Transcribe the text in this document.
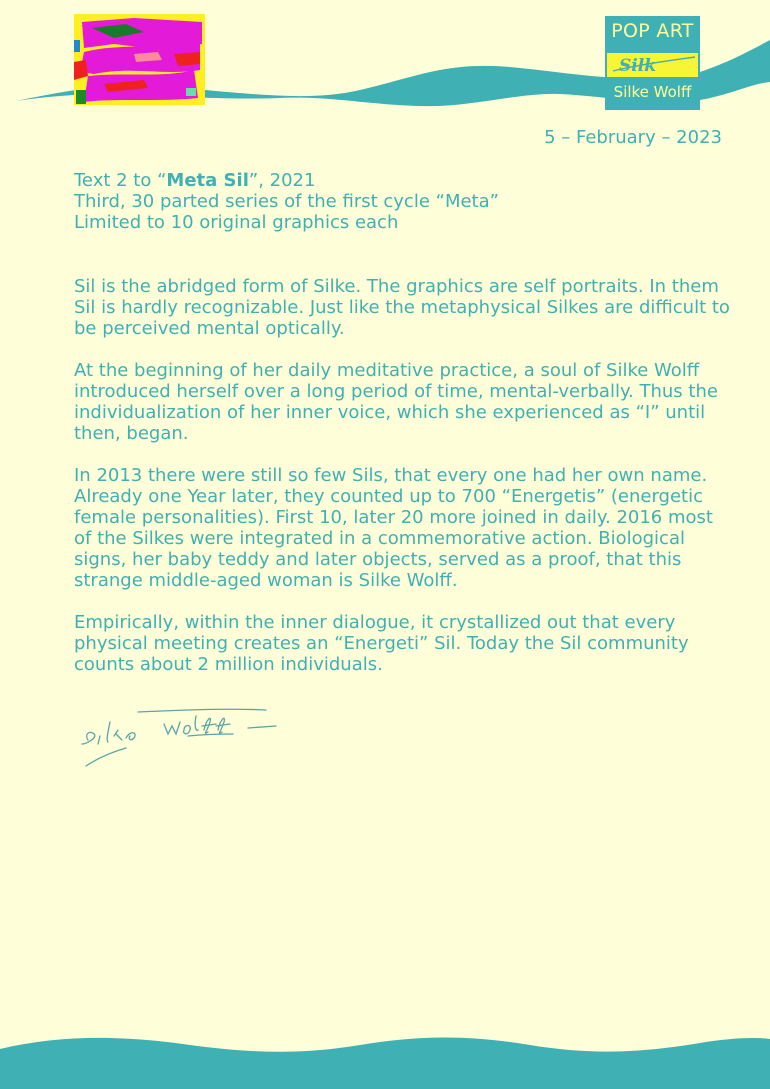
POP ART
Silk
Silke Wolff
5 – February – 2023
Text 2 to “Meta Sil”, 2021
Third, 30 parted series of the first cycle “Meta”
Limited to 10 original graphics each

Sil is the abridged form of Silke. The graphics are self portraits. In them Sil is hardly recognizable. Just like the metaphysical Silkes are difficult to be perceived mental optically.

At the beginning of her daily meditative practice, a soul of Silke Wolff introduced herself over a long period of time, mental-verbally. Thus the individualization of her inner voice, which she experienced as “I” until then, began.

In 2013 there were still so few Sils, that every one had her own name. Already one Year later, they counted up to 700 “Energetis” (energetic female personalities). First 10, later 20 more joined in daily. 2016 most of the Silkes were integrated in a commemorative action. Biological signs, her baby teddy and later objects, served as a proof, that this strange middle-aged woman is Silke Wolff.

Empirically, within the inner dialogue, it crystallized out that every physical meeting creates an “Energeti” Sil. Today the Sil community counts about 2 million individuals.
